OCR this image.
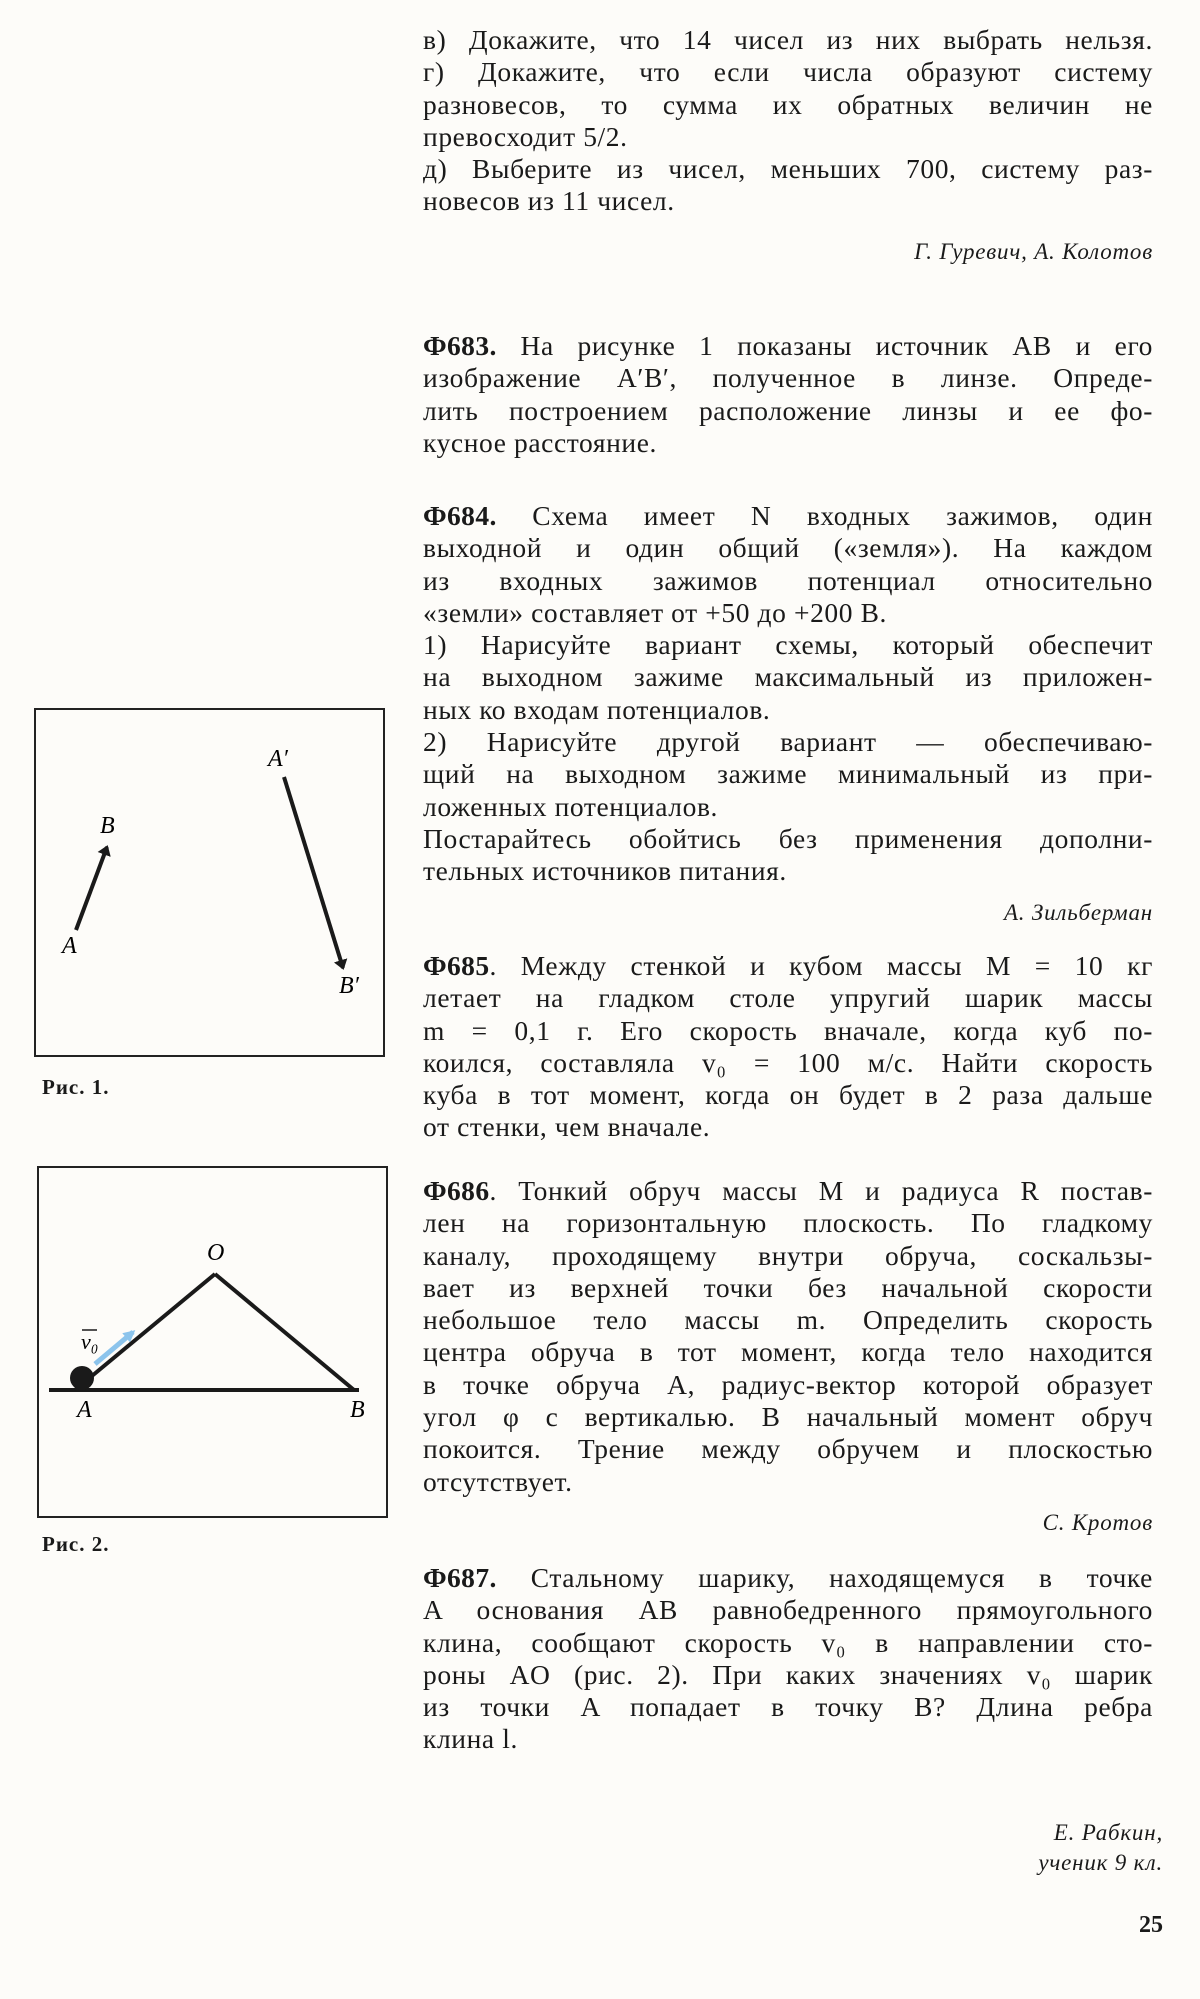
в) Докажите, что 14 чисел из них выбрать нельзя.

г) Докажите, что если числа образуют систему

разновесов, то сумма их обратных величин не

превосходит 5/2.

д) Выберите из чисел, меньших 700, систему раз-

новесов из 11 чисел.

Г. Гуревич, А. Колотов

Ф683. На рисунке 1 показаны источник AB и его

изображение A′B′, полученное в линзе. Опреде-

лить построением расположение линзы и ее фо-

кусное расстояние.

Ф684. Схема имеет N входных зажимов, один

выходной и один общий («земля»). На каждом

из входных зажимов потенциал относительно

«земли» составляет от +50 до +200 В.

1) Нарисуйте вариант схемы, который обеспечит

на выходном зажиме максимальный из приложен-

ных ко входам потенциалов.

2) Нарисуйте другой вариант — обеспечиваю-

щий на выходном зажиме минимальный из при-

ложенных потенциалов.

Постарайтесь обойтись без применения дополни-

тельных источников питания.

А. Зильберман

Ф685. Между стенкой и кубом массы M = 10 кг

летает на гладком столе упругий шарик массы

m = 0,1 г. Его скорость вначале, когда куб по-

коился, составляла v₀ = 100 м/с. Найти скорость

куба в тот момент, когда он будет в 2 раза дальше

от стенки, чем вначале.

Ф686. Тонкий обруч массы M и радиуса R постав-

лен на горизонтальную плоскость. По гладкому

каналу, проходящему внутри обруча, соскальзы-

вает из верхней точки без начальной скорости

небольшое тело массы m. Определить скорость

центра обруча в тот момент, когда тело находится

в точке обруча A, радиус-вектор которой образует

угол φ с вертикалью. В начальный момент обруч

покоится. Трение между обручем и плоскостью

отсутствует.

С. Кротов

Ф687. Стальному шарику, находящемуся в точке

A основания AB равнобедренного прямоугольного

клина, сообщают скорость v₀ в направлении сто-

роны AO (рис. 2). При каких значениях v₀ шарик

из точки A попадает в точку B? Длина ребра

клина l.

Е. Рабкин,
ученик 9 кл.
A
B
A′
B′
Рис. 1.
v₀
O
A	B
Рис. 2.
25
